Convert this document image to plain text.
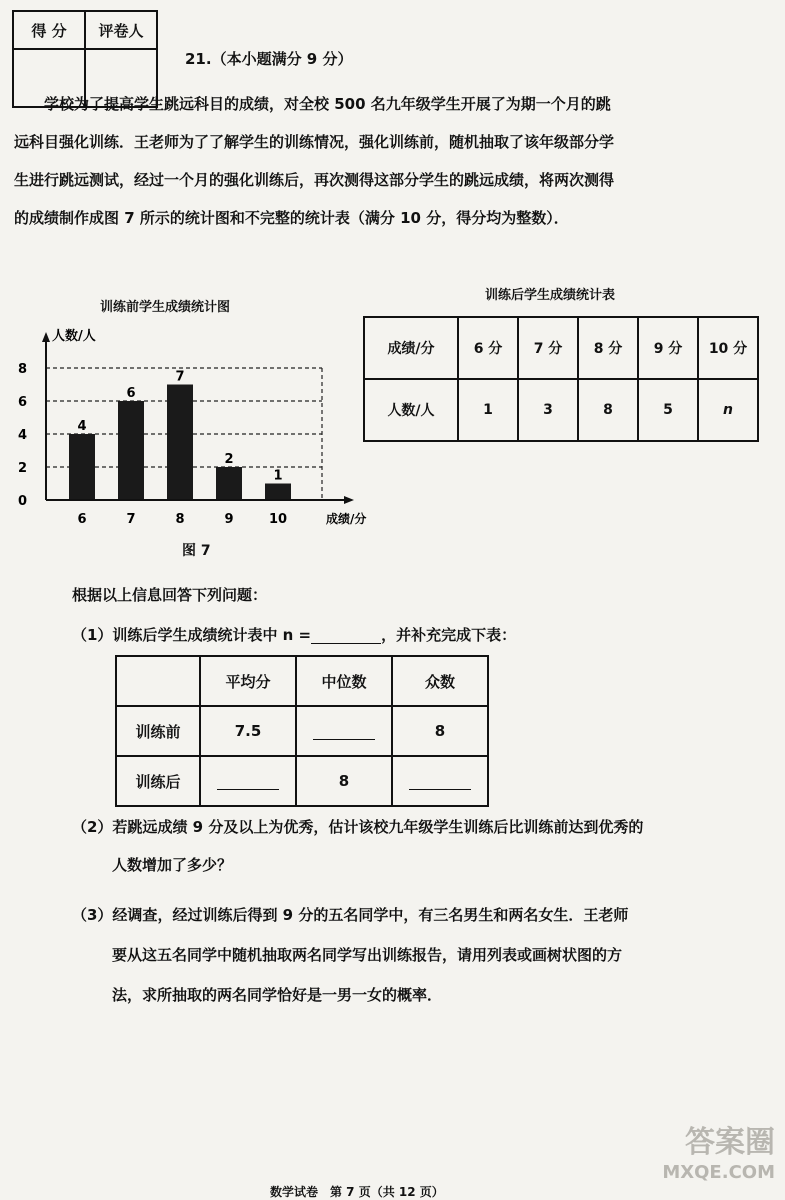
得 分	评卷人

21.（本小题满分 9 分）
学校为了提高学生跳远科目的成绩，对全校 500 名九年级学生开展了为期一个月的跳
远科目强化训练．王老师为了了解学生的训练情况，强化训练前，随机抽取了该年级部分学
生进行跳远测试，经过一个月的强化训练后，再次测得这部分学生的跳远成绩，将两次测得
的成绩制作成图 7 所示的统计图和不完整的统计表（满分 10 分，得分均为整数）．
训练前学生成绩统计图
0
2
4
6
8
4
6
6
7
7
8
2
9
1
10
人数/人
成绩/分
图 7
训练后学生成绩统计表
成绩/分	6 分	7 分	8 分	9 分	10 分
人数/人	1	3	8	5	n
根据以上信息回答下列问题：
（1）训练后学生成绩统计表中 n =	，并补充完成下表：
	平均分	中位数	众数
训练前	7.5		8
训练后		8	
（2）若跳远成绩 9 分及以上为优秀，估计该校九年级学生训练后比训练前达到优秀的
人数增加了多少？
（3）经调查，经过训练后得到 9 分的五名同学中，有三名男生和两名女生．王老师
要从这五名同学中随机抽取两名同学写出训练报告，请用列表或画树状图的方
法，求所抽取的两名同学恰好是一男一女的概率．
数学试卷　第 7 页（共 12 页）
答案圈
MXQE.COM
